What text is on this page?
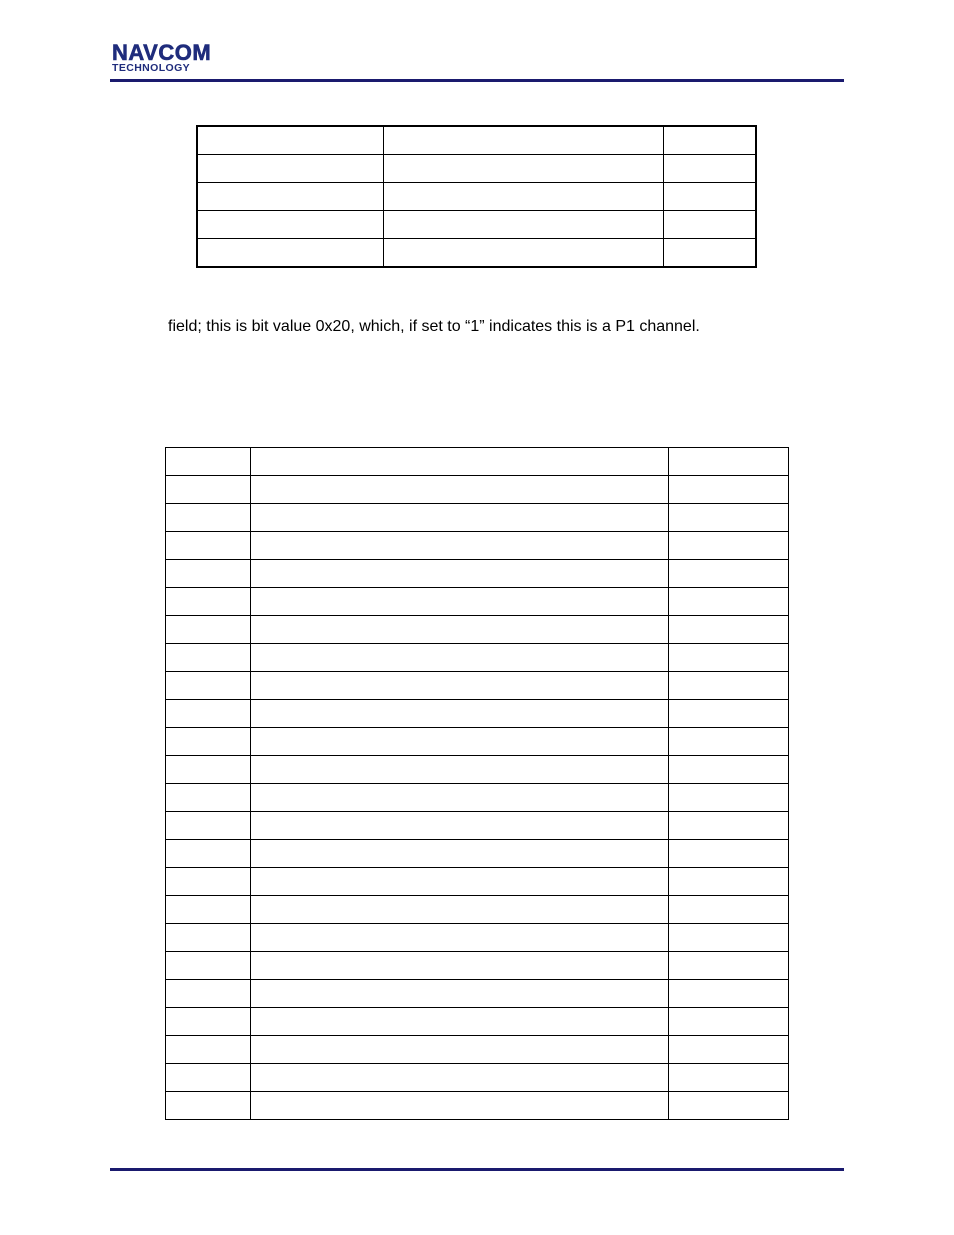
NAVCOM
TECHNOLOGY

field; this is bit value 0x20, which, if set to “1” indicates this is a P1 channel.
